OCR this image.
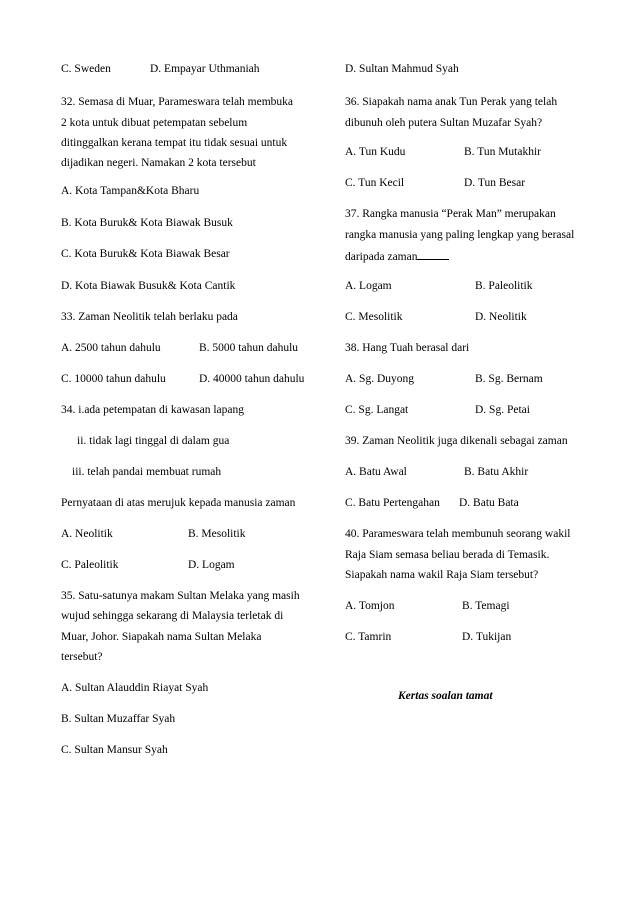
C. Sweden	D. Empayar Uthmaniah
32. Semasa di Muar, Parameswara telah membuka
2 kota untuk dibuat petempatan sebelum
ditinggalkan kerana tempat itu tidak sesuai untuk
dijadikan negeri. Namakan 2 kota tersebut
A. Kota Tampan&Kota Bharu
B. Kota Buruk& Kota Biawak Busuk
C. Kota Buruk& Kota Biawak Besar
D. Kota Biawak Busuk& Kota Cantik
33. Zaman Neolitik telah berlaku pada
A. 2500 tahun dahulu	B. 5000 tahun dahulu
C. 10000 tahun dahulu	D. 40000 tahun dahulu
34. i.ada petempatan di kawasan lapang
ii. tidak lagi tinggal di dalam gua
iii. telah pandai membuat rumah
Pernyataan di atas merujuk kepada manusia zaman
A. Neolitik	B. Mesolitik
C. Paleolitik	D. Logam
35. Satu-satunya makam Sultan Melaka yang masih
wujud sehingga sekarang di Malaysia terletak di
Muar, Johor. Siapakah nama Sultan Melaka
tersebut?
A. Sultan Alauddin Riayat Syah
B. Sultan Muzaffar Syah
C. Sultan Mansur Syah
D. Sultan Mahmud Syah
36. Siapakah nama anak Tun Perak yang telah
dibunuh oleh putera Sultan Muzafar Syah?
A. Tun Kudu	B. Tun Mutakhir
C. Tun Kecil	D. Tun Besar
37. Rangka manusia “Perak Man” merupakan
rangka manusia yang paling lengkap yang berasal
daripada zaman
A. Logam	B. Paleolitik
C. Mesolitik	D. Neolitik
38. Hang Tuah berasal dari
A. Sg. Duyong	B. Sg. Bernam
C. Sg. Langat	D. Sg. Petai
39. Zaman Neolitik juga dikenali sebagai zaman
A. Batu Awal	B. Batu Akhir
C. Batu Pertengahan D. Batu Bata
40. Parameswara telah membunuh seorang wakil
Raja Siam semasa beliau berada di Temasik.
Siapakah nama wakil Raja Siam tersebut?
A. Tomjon	B. Temagi
C. Tamrin	D. Tukijan
Kertas soalan tamat
